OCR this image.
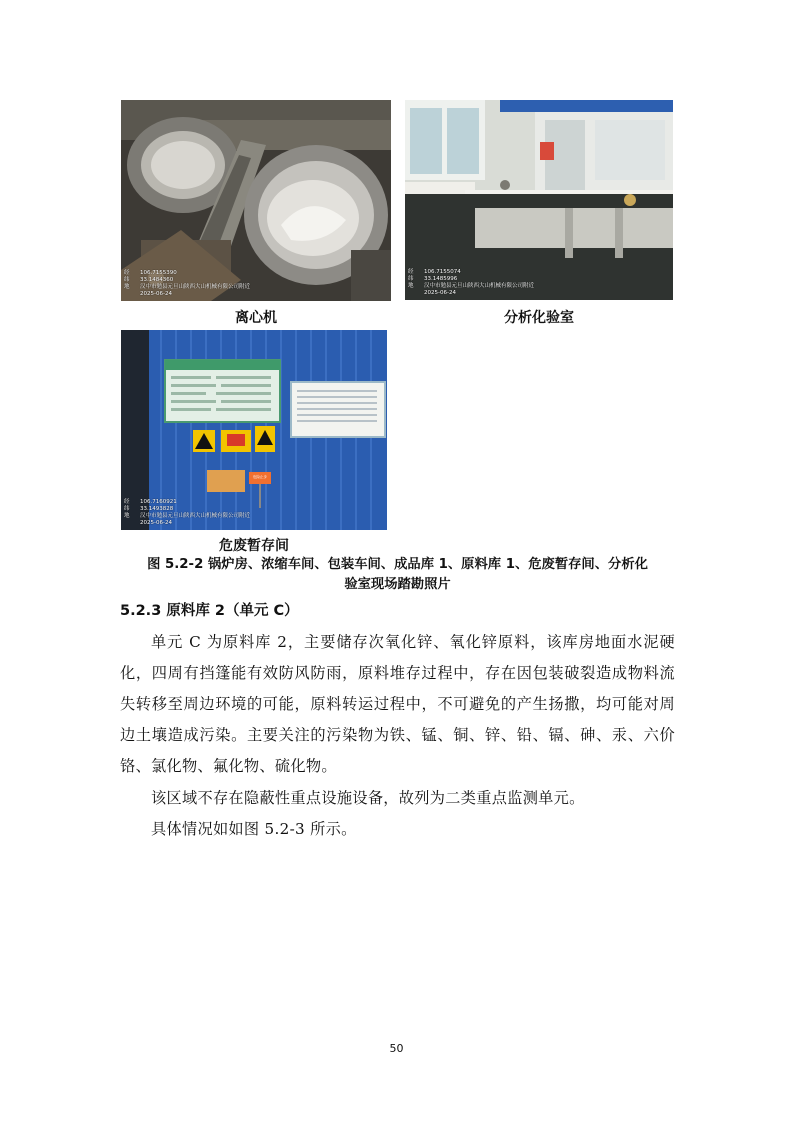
经 106.7155390
纬 33.1484360
地 汉中市勉县元旦山陕西大山机械有限公司附近
2025-06-24
离心机
经 106.7155074
纬 33.1485996
地 汉中市勉县元旦山陕西大山机械有限公司附近
2025-06-24
分析化验室
经 106.7160921
纬 33.1493828
地 汉中市勉县元旦山陕西大山机械有限公司附近
2025-06-24
危险止步
危废暂存间
图 5.2-2 锅炉房、浓缩车间、包装车间、成品库 1、原料库 1、危废暂存间、分析化
验室现场踏勘照片
5.2.3 原料库 2（单元 C）
单元 C 为原料库 2，主要储存次氧化锌、氧化锌原料，该库房地面水泥硬化，四周有挡篷能有效防风防雨，原料堆存过程中，存在因包装破裂造成物料流失转移至周边环境的可能，原料转运过程中，不可避免的产生扬撒，均可能对周边土壤造成污染。主要关注的污染物为铁、锰、铜、锌、铅、镉、砷、汞、六价铬、氯化物、氟化物、硫化物。
该区域不存在隐蔽性重点设施设备，故列为二类重点监测单元。
具体情况如如图 5.2-3 所示。
50
